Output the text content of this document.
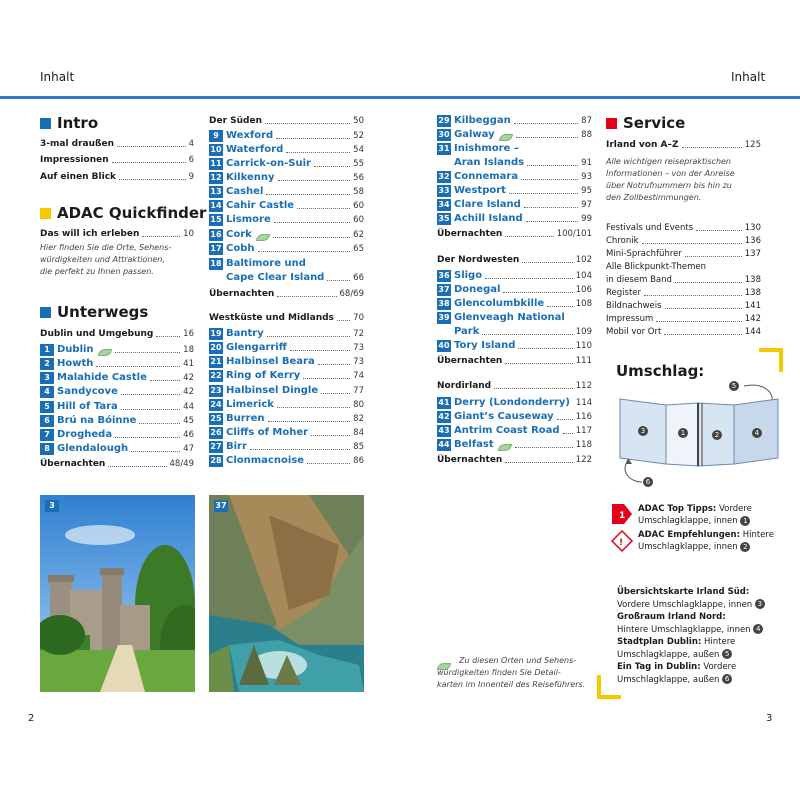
Inhalt	Inhalt
Intro
3-mal draußen	4
Impressionen	6
Auf einen Blick	9
ADAC Quickfinder
Das will ich erleben	10
Hier finden Sie die Orte, Sehens-
würdigkeiten und Attraktionen,
die perfekt zu Ihnen passen.
Unterwegs
Dublin und Umgebung	16
1 Dublin	18
2 Howth	41
3 Malahide Castle	42
4 Sandycove	42
5 Hill of Tara	44
6 Brú na Bóinne	45
7 Drogheda	46
8 Glendalough	47
Übernachten	48/49
Der Süden	50
9 Wexford	52
10 Waterford	54
11 Carrick-on-Suir	55
12 Kilkenny	56
13 Cashel	58
14 Cahir Castle	60
15 Lismore	60
16 Cork	62
17 Cobh	65
18 Baltimore und
Cape Clear Island	66
Übernachten	68/69
Westküste und Midlands 70
19 Bantry	72
20 Glengarriff	73
21 Halbinsel Beara	73
22 Ring of Kerry	74
23 Halbinsel Dingle	77
24 Limerick	80
25 Burren	82
26 Cliffs of Moher	84
27 Birr	85
28 Clonmacnoise	86
29 Kilbeggan	87
30 Galway	88
31 Inishmore –
Aran Islands	91
32 Connemara	93
33 Westport	95
34 Clare Island	97
35 Achill Island	99
Übernachten	100/101
Der Nordwesten	102
36 Sligo	104
37 Donegal	106
38 Glencolumbkille	108
39 Glenveagh National
Park	109
40 Tory Island	110
Übernachten	111
Nordirland	112
41 Derry (Londonderry) 114
42 Giant’s Causeway	116
43 Antrim Coast Road 117
44 Belfast	118
Übernachten	122
3	37
Zu diesen Orten und Sehens-
würdigkeiten finden Sie Detail-
karten im Innenteil des Reiseführers.
Service
Irland von A–Z	125
Alle wichtigen reisepraktischen
Informationen – von der Anreise
über Notrufnummern bis hin zu
den Zollbestimmungen.
Festivals und Events	130
Chronik	136
Mini-Sprachführer	137
Alle Blickpunkt-Themen
in diesem Band	138
Register	138
Bildnachweis	141
Impressum	142
Mobil vor Ort	144
Umschlag:
5
3	1	2	4
6
1
ADAC Top Tipps: Vordere
Umschlagklappe, innen 1
!
ADAC Empfehlungen: Hintere
Umschlagklappe, innen 2
Übersichtskarte Irland Süd:
Vordere Umschlagklappe, innen 3
Großraum Irland Nord:
Hintere Umschlagklappe, innen 4
Stadtplan Dublin: Hintere
Umschlagklappe, außen 5
Ein Tag in Dublin: Vordere
Umschlagklappe, außen 6
2	3
